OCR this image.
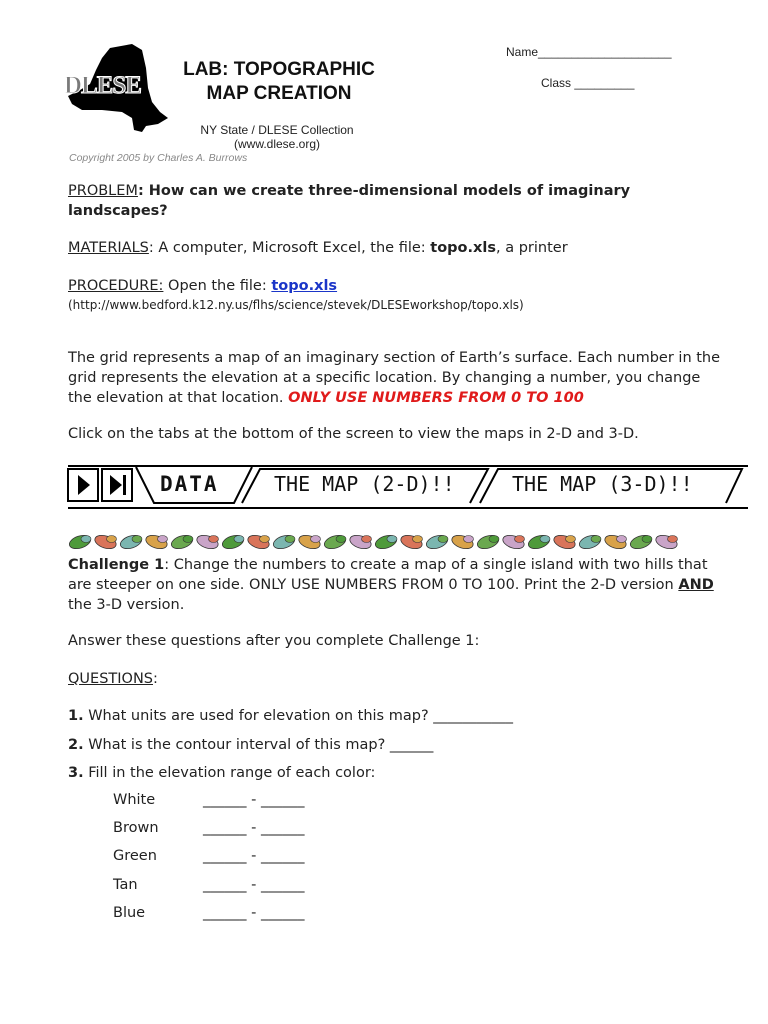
DLESE
LAB: TOPOGRAPHIC
MAP CREATION
NY State / DLESE Collection
(www.dlese.org)
Copyright 2005 by Charles A. Burrows
Name____________________
Class _________
PROBLEM: How can we create three-dimensional models of imaginary landscapes?
MATERIALS: A computer, Microsoft Excel, the file: topo.xls, a printer
PROCEDURE: Open the file: topo.xls
(http://www.bedford.k12.ny.us/flhs/science/stevek/DLESEworkshop/topo.xls)
The grid represents a map of an imaginary section of Earth’s surface. Each number in the grid represents the elevation at a specific location. By changing a number, you change the elevation at that location. ONLY USE NUMBERS FROM 0 TO 100
Click on the tabs at the bottom of the screen to view the maps in 2-D and 3-D.
DATA	THE MAP (2-D)!!	THE MAP (3-D)!!
Challenge 1: Change the numbers to create a map of a single island with two hills that are steeper on one side. ONLY USE NUMBERS FROM 0 TO 100. Print the 2-D version AND the 3-D version.
Answer these questions after you complete Challenge 1:
QUESTIONS:
1. What units are used for elevation on this map? ___________
2. What is the contour interval of this map? ______
3. Fill in the elevation range of each color:
White	______ - ______
Brown	______ - ______
Green	______ - ______
Tan	______ - ______
Blue	______ - ______
